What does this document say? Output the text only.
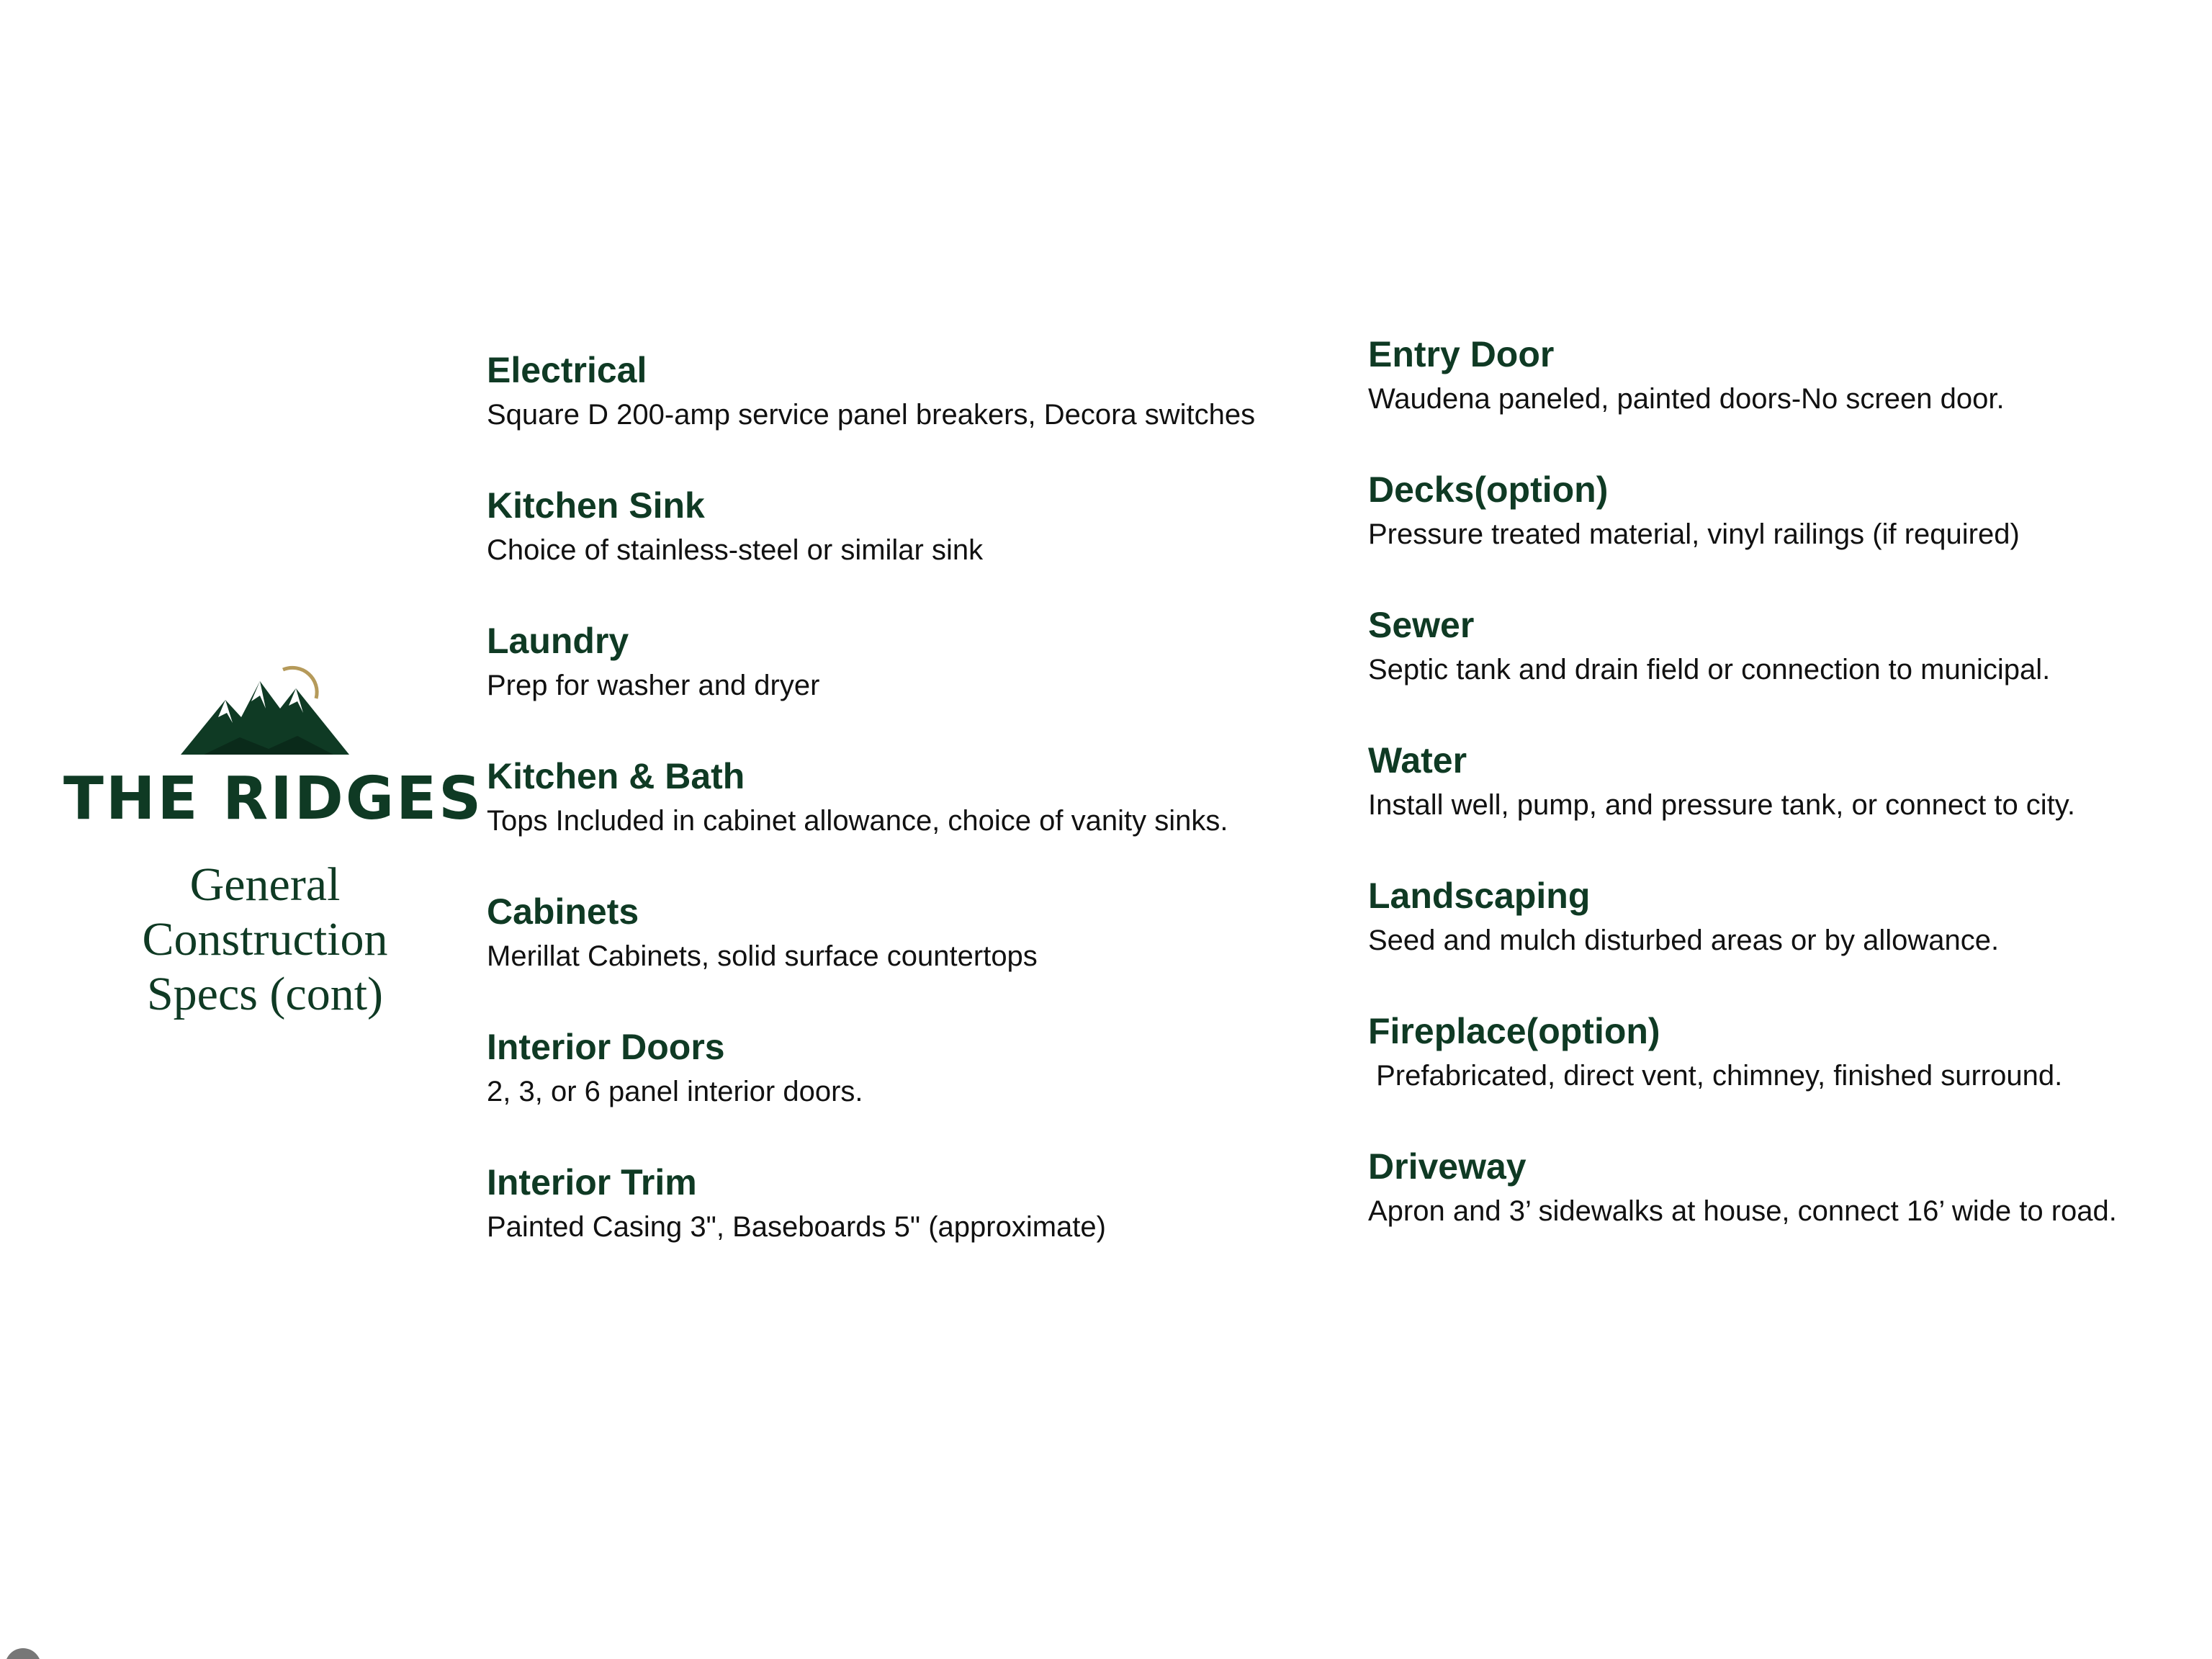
THE RIDGES
General
Construction
Specs (cont)
Electrical
Square D 200-amp service panel breakers, Decora switches
Kitchen Sink
Choice of stainless-steel or similar sink
Laundry
Prep for washer and dryer
Kitchen & Bath
Tops Included in cabinet allowance, choice of vanity sinks.
Cabinets
Merillat Cabinets, solid surface countertops
Interior Doors
2, 3, or 6 panel interior doors.
Interior Trim
Painted Casing 3", Baseboards 5" (approximate)
Entry Door
Waudena paneled, painted doors-No screen door.
Decks(option)
Pressure treated material, vinyl railings (if required)
Sewer
Septic tank and drain field or connection to municipal.
Water
Install well, pump, and pressure tank, or connect to city.
Landscaping
Seed and mulch disturbed areas or by allowance.
Fireplace(option)
Prefabricated, direct vent, chimney, finished surround.
Driveway
Apron and 3’ sidewalks at house, connect 16’ wide to road.
